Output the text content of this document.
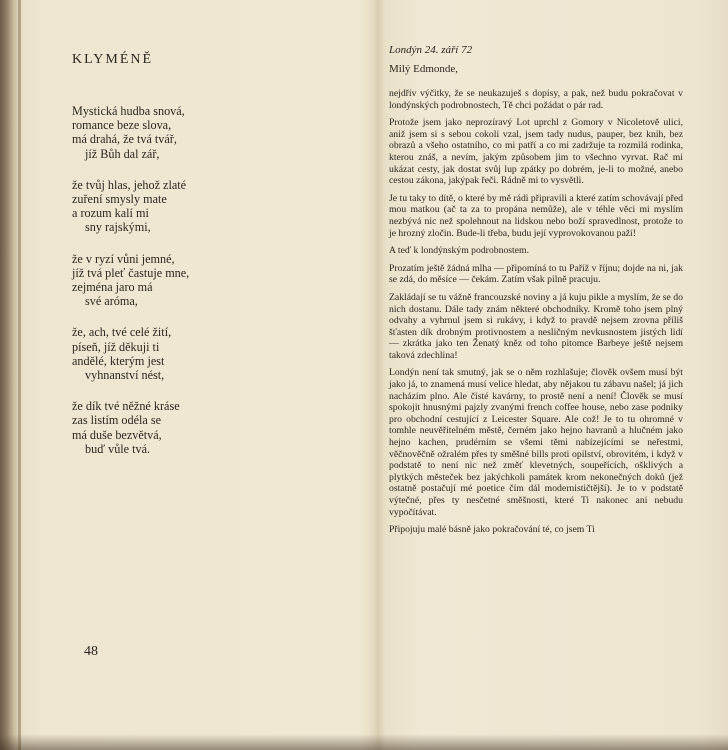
KLYMÉNĚ
Mystická hudba snová,
romance beze slova,
má drahá, že tvá tvář,
jíž Bůh dal zář,
že tvůj hlas, jehož zlaté
zuření smysly mate
a rozum kalí mi
sny rajskými,
že v ryzí vůni jemné,
jíž tvá pleť častuje mne,
zejména jaro má
své aróma,
že, ach, tvé celé žití,
píseň, jíž děkuji ti
andělé, kterým jest
vyhnanství nést,
že dík tvé něžné krásе
zas listím odéla se
má duše bezvětvá,
buď vůle tvá.
48

Londýn 24. září 72

Milý Edmonde,

nejdřív výčitky, že se neukazuješ s dopisy, a pak, než budu pokračovat v londýnských podrobnostech, Tě chci požádat o pár rad.

Protože jsem jako neprozíravý Lot uprchl z Gomory v Nicoletově ulici, aniž jsem si s sebou cokoli vzal, jsem tady nudus, pauper, bez knih, bez obrazů a všeho ostatního, co mi patří a co mi zadržuje ta rozmilá rodinka, kterou znáš, a nevím, jakým způsobem jim to všechno vyrvat. Rač mi ukázat cesty, jak dostat svůj lup zpátky po dobrém, je-li to možné, anebo cestou zákona, jakýpak řeči. Rádně mi to vysvětli.

Je tu taky to dítě, o které by mě rádi připravili a které zatím schovávají před mou matkou (ač ta za to propána nemůže), ale v téhle věci mi myslím nezbývá nic než spolehnout na lidskou nebo boží spravedlnost, protože to je hrozný zločin. Bude-li třeba, budu její vyprovokovanou paží!

A teď k londýnským podrobnostem.

Prozatím ještě žádná mlha — připomíná to tu Paříž v říjnu; dojde na ni, jak se zdá, do měsíce — čekám. Zatím však pilně pracuju.

Zakládají se tu vážně francouzské noviny a já kuju pikle a myslím, že se do nich dostanu. Dále tady znám některé obchodníky. Kromě toho jsem plný odvahy a vyhrnul jsem si rukávy, i když to pravdě nejsem zrovna příliš šťasten dík drobným protivnostem a nesličným nevkusnostem jistých lidí — zkrátka jako ten Ženatý kněz od toho pitomce Barbeye ještě nejsem taková zdechlina!

Londýn není tak smutný, jak se o něm rozhlašuje; člověk ovšem musí být jako já, to znamená musí velice hledat, aby nějakou tu zábavu našel; já jich nacházím plno. Ale čisté kavárny, to prostě není a není! Člověk se musí spokojit hnusnými pajzly zvanými french coffee house, nebo zase podniky pro obchodní cestující z Leicester Square. Ale což! Je to tu ohromné v tomhle neuvěřitelném městě, černém jako hejno havranů a hlučném jako hejno kachen, prudérním se všemi těmi nabízejícími se neřestmi, věčnověčně ožralém přes ty směšné bills proti opilství, obrovitém, i když v podstatě to není nic než změť klevetných, soupeřících, ošklivých a plytkých městeček bez jakýchkoli památek krom nekonečných doků (jež ostatně postačují mé poetice čím dál modernističtější). Je to v podstatě výtečné, přes ty nesčetné směšnosti, které Ti nakonec ani nebudu vypočítávat.

Připojuju malé básně jako pokračování té, co jsem Ti
